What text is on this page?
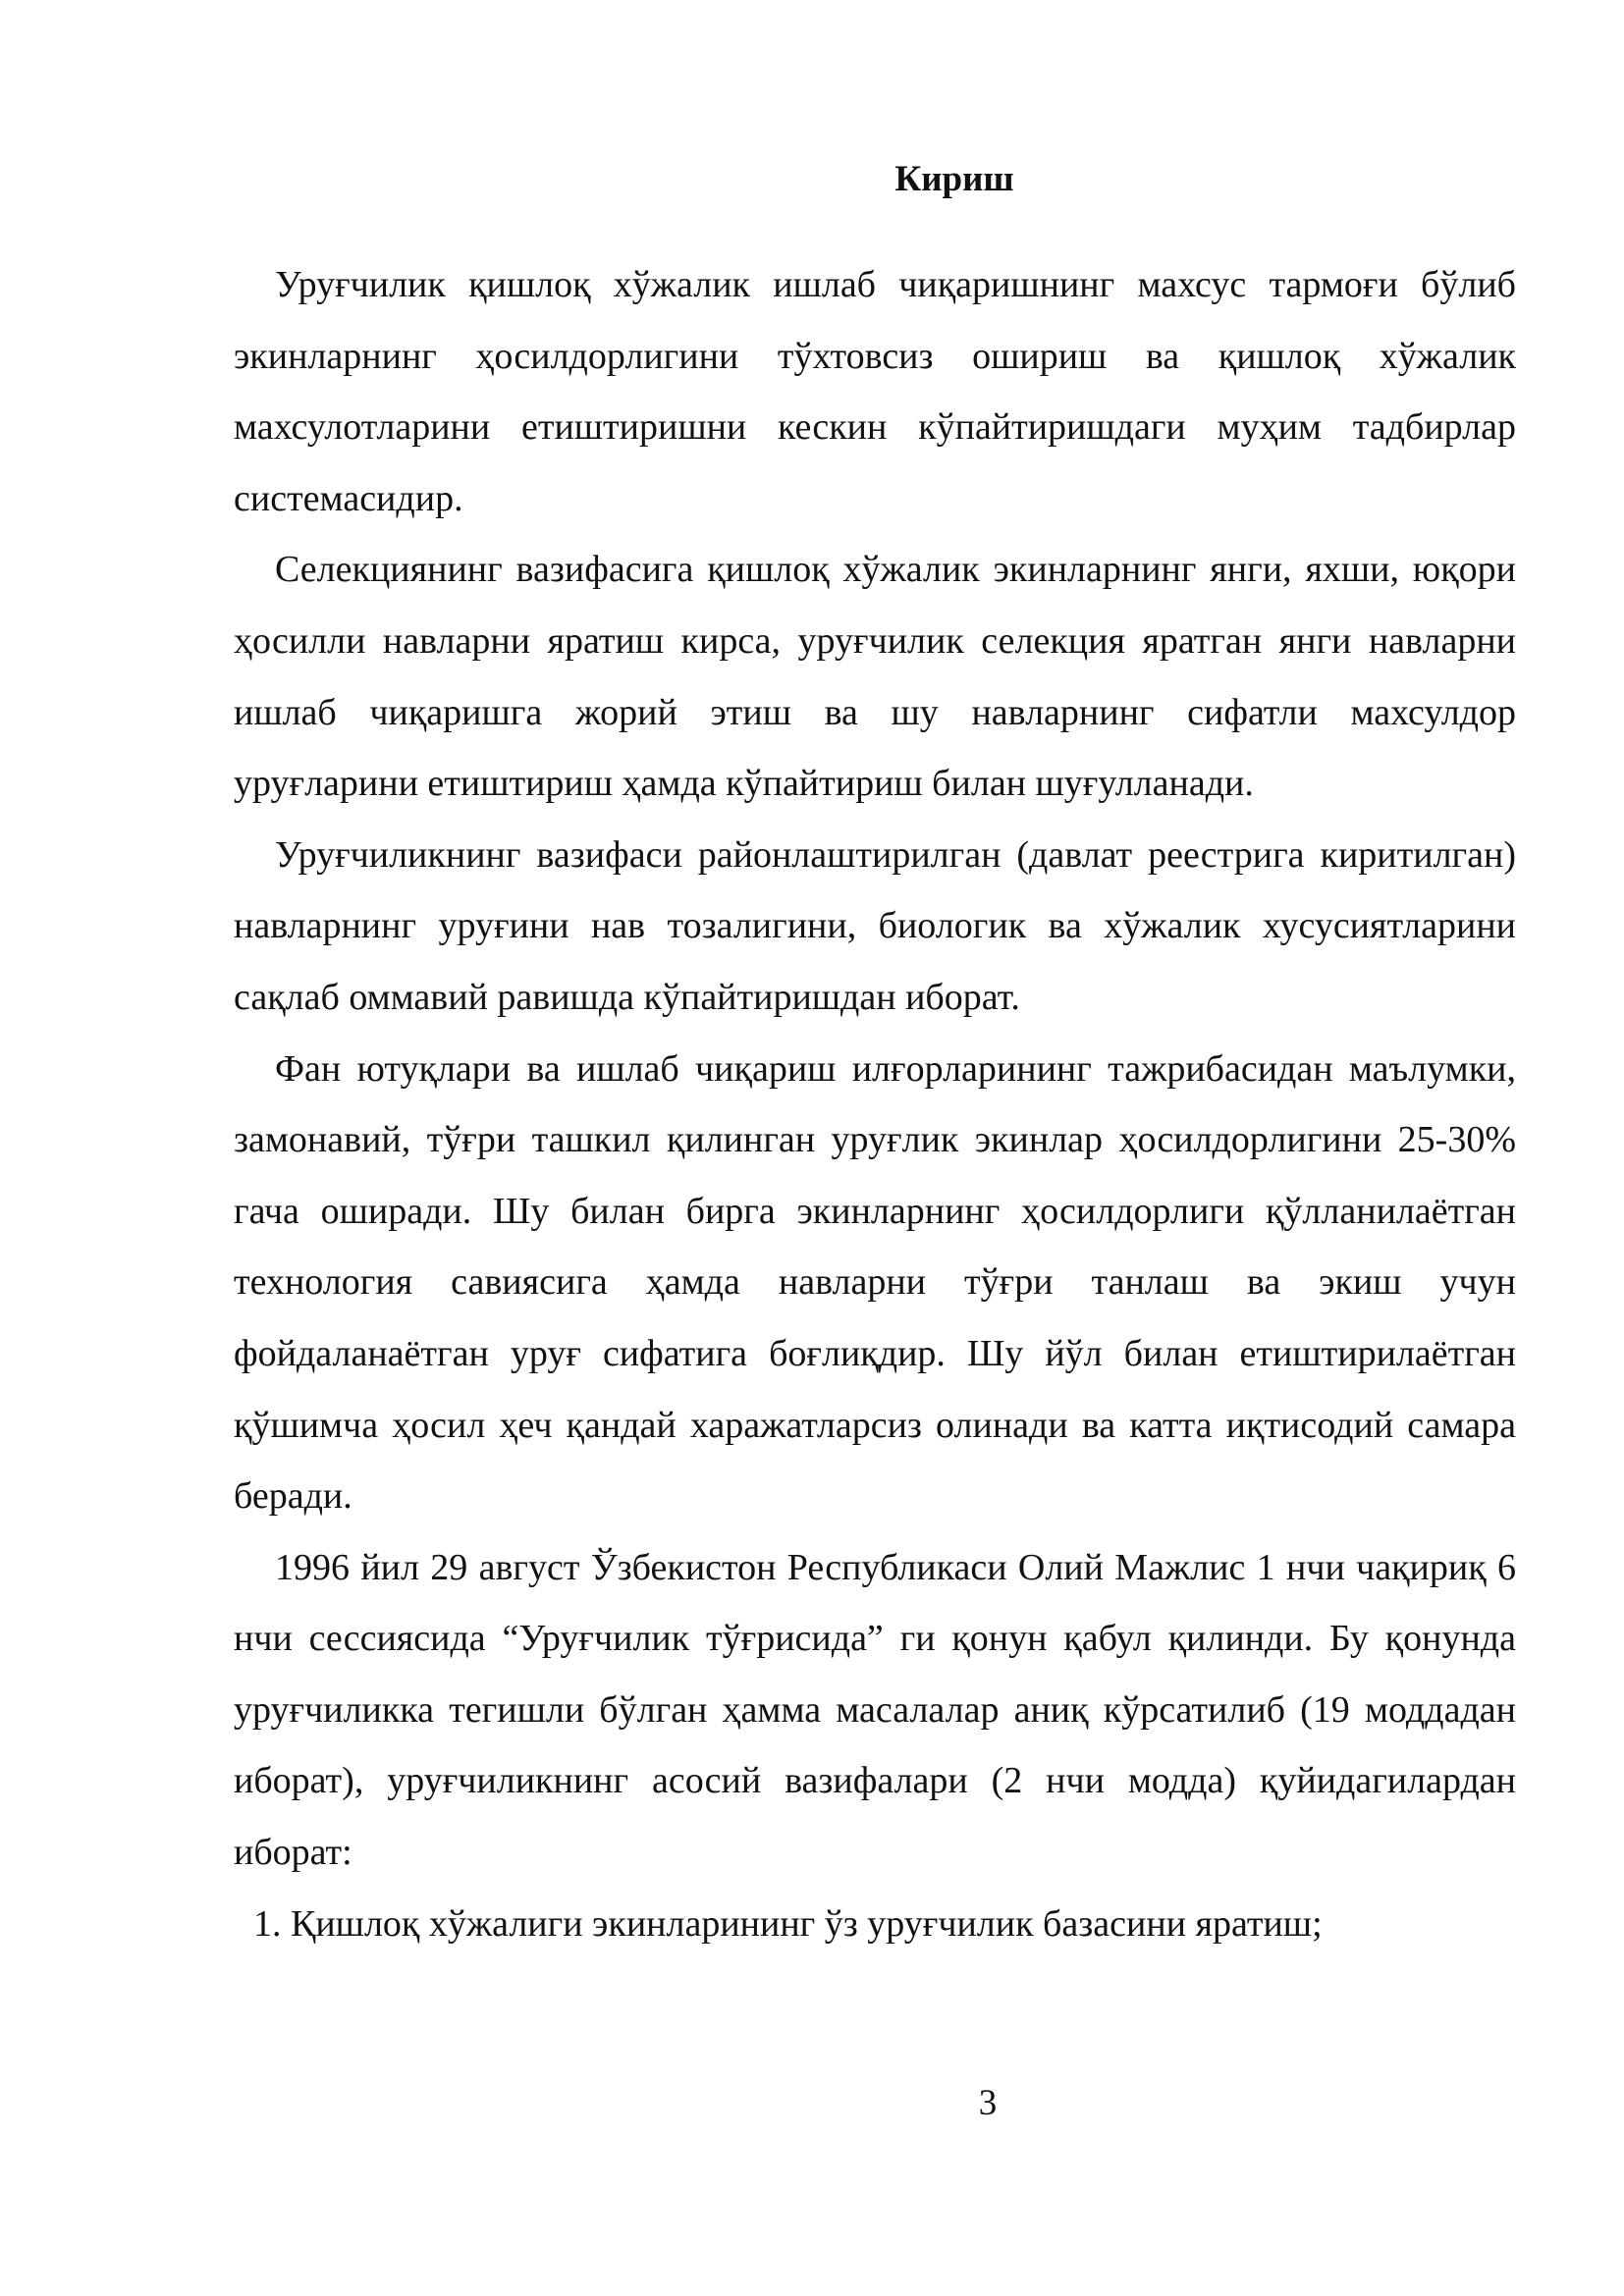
Кириш

Уруғчилик қишлоқ хўжалик ишлаб чиқаришнинг махсус тармоғи бўлиб экинларнинг ҳосилдорлигини тўхтовсиз ошириш ва қишлоқ хўжалик махсулотларини етиштиришни кескин кўпайтиришдаги муҳим тадбирлар системасидир.

Селекциянинг вазифасига қишлоқ хўжалик экинларнинг янги, яхши, юқори ҳосилли навларни яратиш кирса, уруғчилик селекция яратган янги навларни ишлаб чиқаришга жорий этиш ва шу навларнинг сифатли махсулдор уруғларини етиштириш ҳамда кўпайтириш билан шуғулланади.

Уруғчиликнинг вазифаси районлаштирилган (давлат реестрига киритилган) навларнинг уруғини нав тозалигини, биологик ва хўжалик хусусиятларини сақлаб оммавий равишда кўпайтиришдан иборат.

Фан ютуқлари ва ишлаб чиқариш илғорларининг тажрибасидан маълумки, замонавий, тўғри ташкил қилинган уруғлик экинлар ҳосилдорлигини 25-30% гача оширади. Шу билан бирга экинларнинг ҳосилдорлиги қўлланилаётган технология савиясига ҳамда навларни тўғри танлаш ва экиш учун фойдаланаётган уруғ сифатига боғлиқдир. Шу йўл билан етиштирилаётган қўшимча ҳосил ҳеч қандай харажатларсиз олинади ва катта иқтисодий самара беради.

1996 йил 29 август Ўзбекистон Республикаси Олий Мажлис 1 нчи чақириқ 6 нчи сессиясида “Уруғчилик тўғрисида” ги қонун қабул қилинди. Бу қонунда уруғчиликка тегишли бўлган ҳамма масалалар аниқ кўрсатилиб (19 моддадан иборат), уруғчиликнинг асосий вазифалари (2 нчи модда) қуйидагилардан иборат:

1. Қишлоқ хўжалиги экинларининг ўз уруғчилик базасини яратиш;

3
